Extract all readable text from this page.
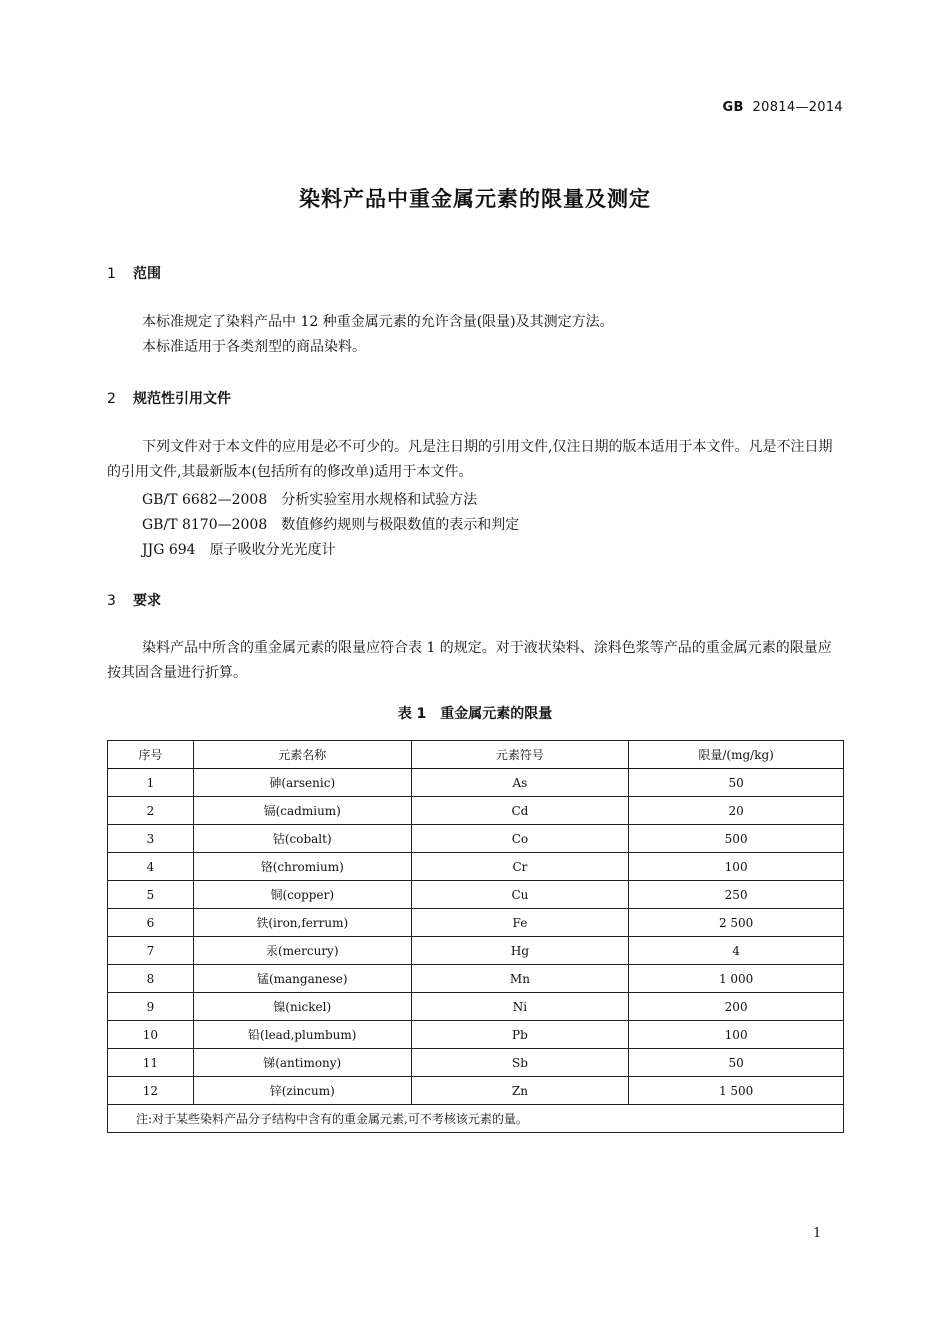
GB 20814—2014
染料产品中重金属元素的限量及测定
1 范围
本标准规定了染料产品中 12 种重金属元素的允许含量(限量)及其测定方法。
本标准适用于各类剂型的商品染料。
2 规范性引用文件
下列文件对于本文件的应用是必不可少的。凡是注日期的引用文件,仅注日期的版本适用于本文件。凡是不注日期的引用文件,其最新版本(包括所有的修改单)适用于本文件。
GB/T 6682—2008　分析实验室用水规格和试验方法
GB/T 8170—2008　数值修约规则与极限数值的表示和判定
JJG 694　原子吸收分光光度计
3 要求
染料产品中所含的重金属元素的限量应符合表 1 的规定。对于液状染料、涂料色浆等产品的重金属元素的限量应按其固含量进行折算。
表 1　重金属元素的限量
序号	元素名称	元素符号	限量/(mg/kg)
1	砷(arsenic)	As	50
2	镉(cadmium)	Cd	20
3	钴(cobalt)	Co	500
4	铬(chromium)	Cr	100
5	铜(copper)	Cu	250
6	铁(iron,ferrum)	Fe	2 500
7	汞(mercury)	Hg	4
8	锰(manganese)	Mn	1 000
9	镍(nickel)	Ni	200
10	铅(lead,plumbum)	Pb	100
11	锑(antimony)	Sb	50
12	锌(zincum)	Zn	1 500
注:对于某些染料产品分子结构中含有的重金属元素,可不考核该元素的量。			
1
